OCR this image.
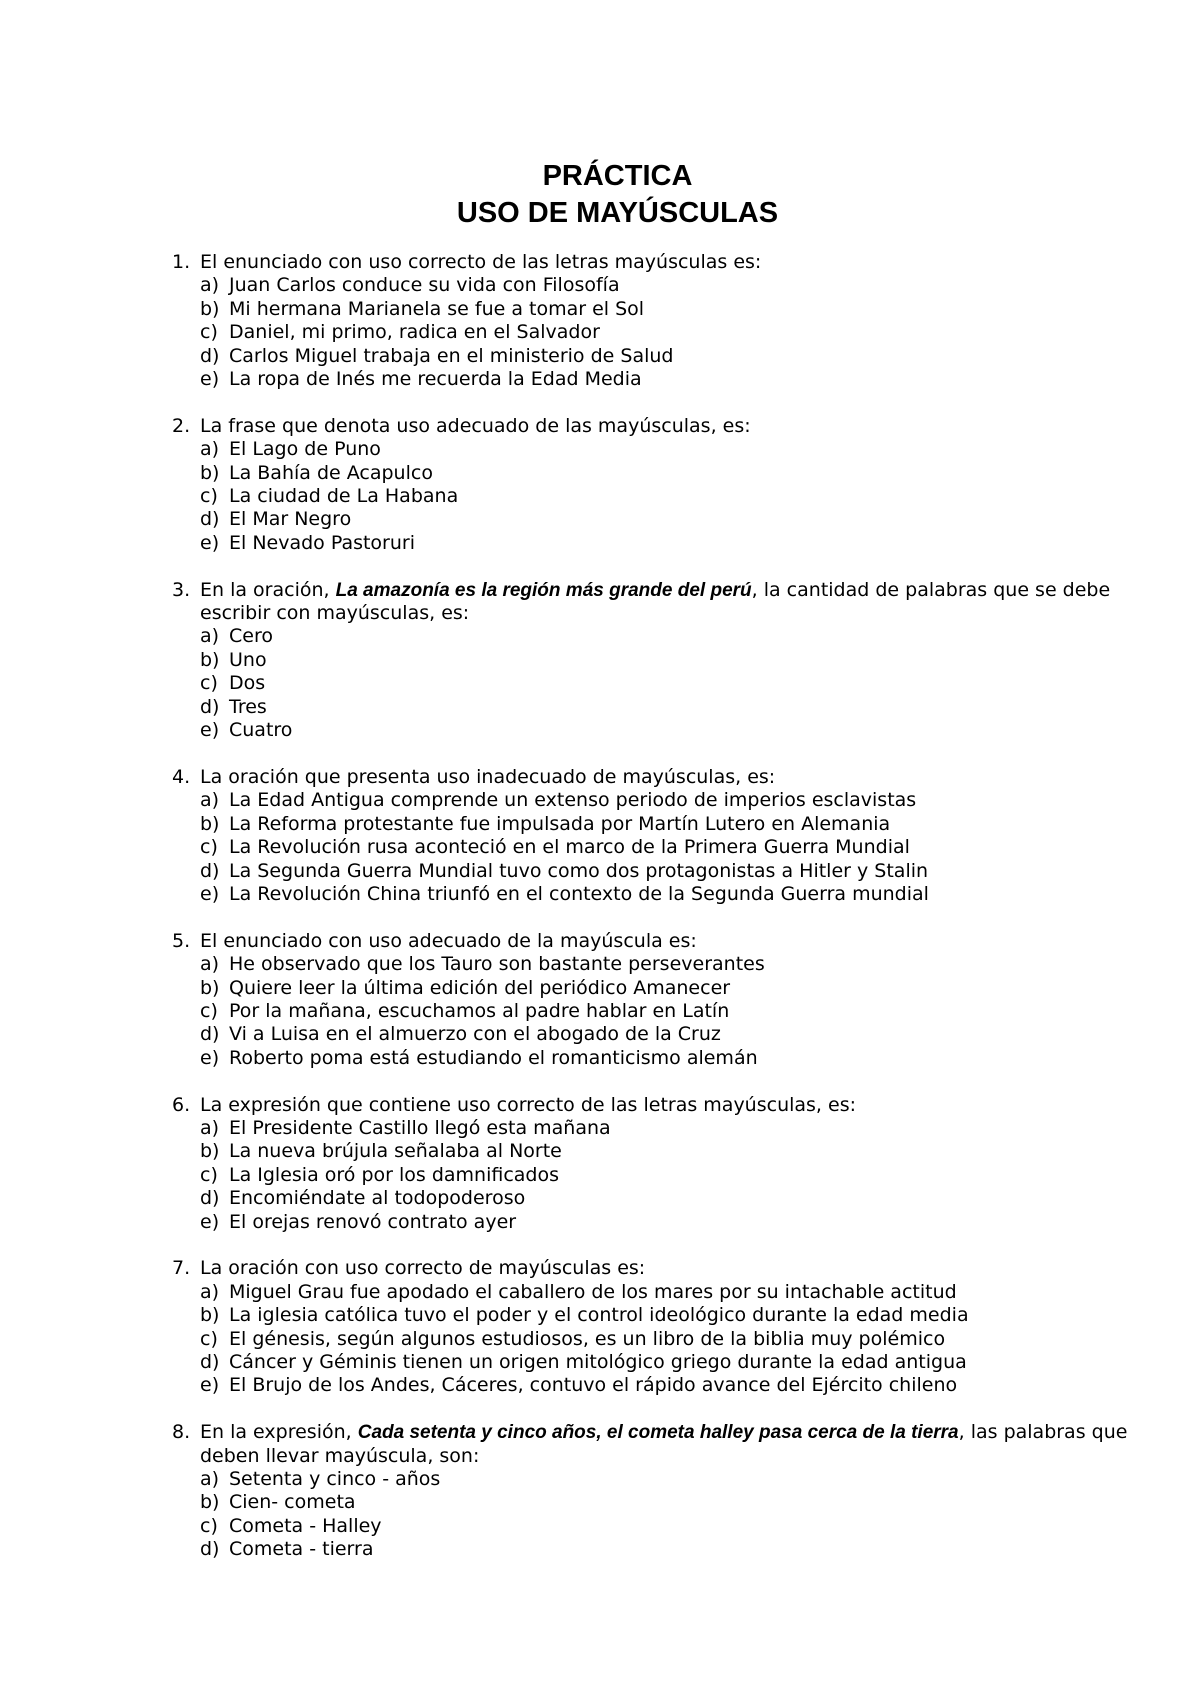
PRÁCTICA
USO DE MAYÚSCULAS
1. El enunciado con uso correcto de las letras mayúsculas es:
a) Juan Carlos conduce su vida con Filosofía
b) Mi hermana Marianela se fue a tomar el Sol
c) Daniel, mi primo, radica en el Salvador
d) Carlos Miguel trabaja en el ministerio de Salud
e) La ropa de Inés me recuerda la Edad Media
2. La frase que denota uso adecuado de las mayúsculas, es:
a) El Lago de Puno
b) La Bahía de Acapulco
c) La ciudad de La Habana
d) El Mar Negro
e) El Nevado Pastoruri
3. En la oración, La amazonía es la región más grande del perú, la cantidad de palabras que se debe escribir con mayúsculas, es:
a) Cero
b) Uno
c) Dos
d) Tres
e) Cuatro
4. La oración que presenta uso inadecuado de mayúsculas, es:
a) La Edad Antigua comprende un extenso periodo de imperios esclavistas
b) La Reforma protestante fue impulsada por Martín Lutero en Alemania
c) La Revolución rusa aconteció en el marco de la Primera Guerra Mundial
d) La Segunda Guerra Mundial tuvo como dos protagonistas a Hitler y Stalin
e) La Revolución China triunfó en el contexto de la Segunda Guerra mundial
5. El enunciado con uso adecuado de la mayúscula es:
a) He observado que los Tauro son bastante perseverantes
b) Quiere leer la última edición del periódico Amanecer
c) Por la mañana, escuchamos al padre hablar en Latín
d) Vi a Luisa en el almuerzo con el abogado de la Cruz
e) Roberto poma está estudiando el romanticismo alemán
6. La expresión que contiene uso correcto de las letras mayúsculas, es:
a) El Presidente Castillo llegó esta mañana
b) La nueva brújula señalaba al Norte
c) La Iglesia oró por los damnificados
d) Encomiéndate al todopoderoso
e) El orejas renovó contrato ayer
7. La oración con uso correcto de mayúsculas es:
a) Miguel Grau fue apodado el caballero de los mares por su intachable actitud
b) La iglesia católica tuvo el poder y el control ideológico durante la edad media
c) El génesis, según algunos estudiosos, es un libro de la biblia muy polémico
d) Cáncer y Géminis tienen un origen mitológico griego durante la edad antigua
e) El Brujo de los Andes, Cáceres, contuvo el rápido avance del Ejército chileno
8. En la expresión, Cada setenta y cinco años, el cometa halley pasa cerca de la tierra, las palabras que deben llevar mayúscula, son:
a) Setenta y cinco - años
b) Cien- cometa
c) Cometa - Halley
d) Cometa - tierra
